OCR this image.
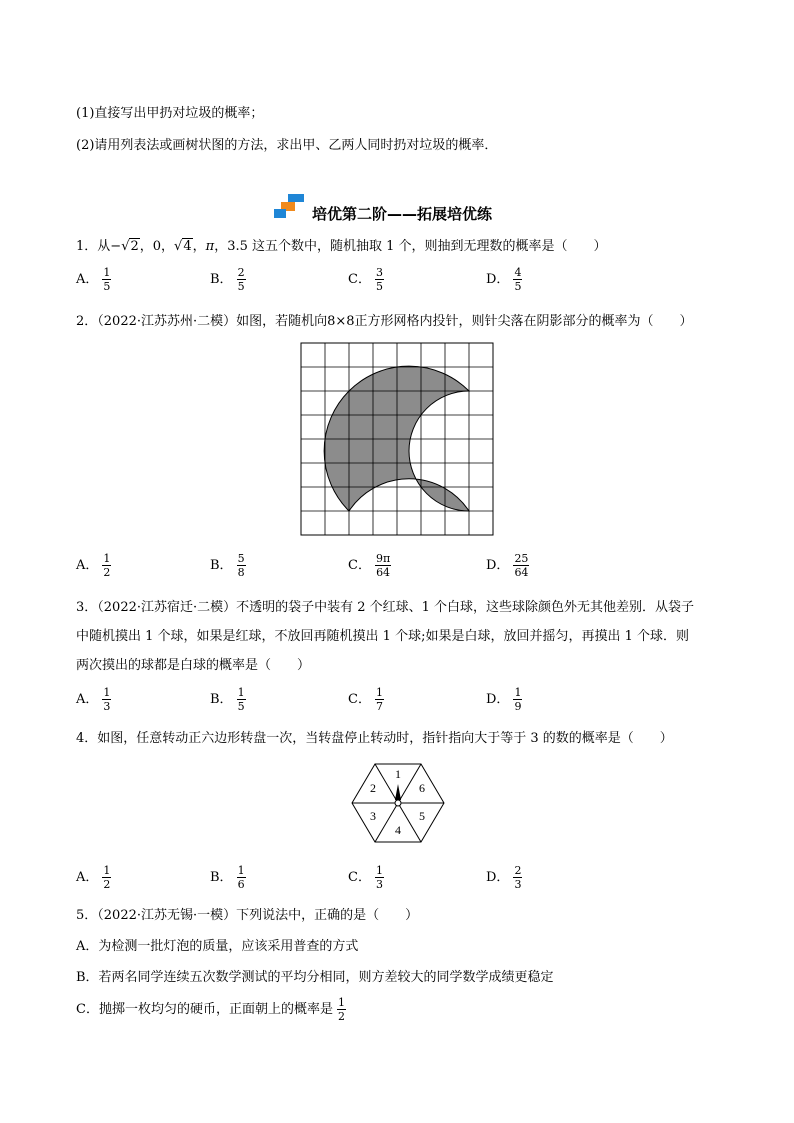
(1)直接写出甲扔对垃圾的概率；
(2)请用列表法或画树状图的方法，求出甲、乙两人同时扔对垃圾的概率．
培优第二阶——拓展培优练
1．从−√2，0，√4，π，3.5 这五个数中，随机抽取 1 个，则抽到无理数的概率是（　　）
A． $\frac{1}{5}$	B． $\frac{2}{5}$	C． $\frac{3}{5}$	D． $\frac{4}{5}$
2．（2022·江苏苏州·二模）如图，若随机向8×8正方形网格内投针，则针尖落在阴影部分的概率为（　　）
A． $\frac{1}{2}$	B． $\frac{5}{8}$	C． $\frac{9\pi}{64}$	D． $\frac{25}{64}$
3．（2022·江苏宿迁·二模）不透明的袋子中装有 2 个红球、1 个白球，这些球除颜色外无其他差别．从袋子
中随机摸出 1 个球，如果是红球，不放回再随机摸出 1 个球;如果是白球，放回并摇匀，再摸出 1 个球．则
两次摸出的球都是白球的概率是（　　）
A． $\frac{1}{3}$	B． $\frac{1}{5}$	C． $\frac{1}{7}$	D． $\frac{1}{9}$
4．如图，任意转动正六边形转盘一次，当转盘停止转动时，指针指向大于等于 3 的数的概率是（　　）
1
6
5
4
3
2
A． $\frac{1}{2}$	B． $\frac{1}{6}$	C． $\frac{1}{3}$	D． $\frac{2}{3}$
5．（2022·江苏无锡·一模）下列说法中，正确的是（　　）
A．为检测一批灯泡的质量，应该采用普查的方式
B．若两名同学连续五次数学测试的平均分相同，则方差较大的同学数学成绩更稳定
C．抛掷一枚均匀的硬币，正面朝上的概率是 $\frac{1}{2}$
